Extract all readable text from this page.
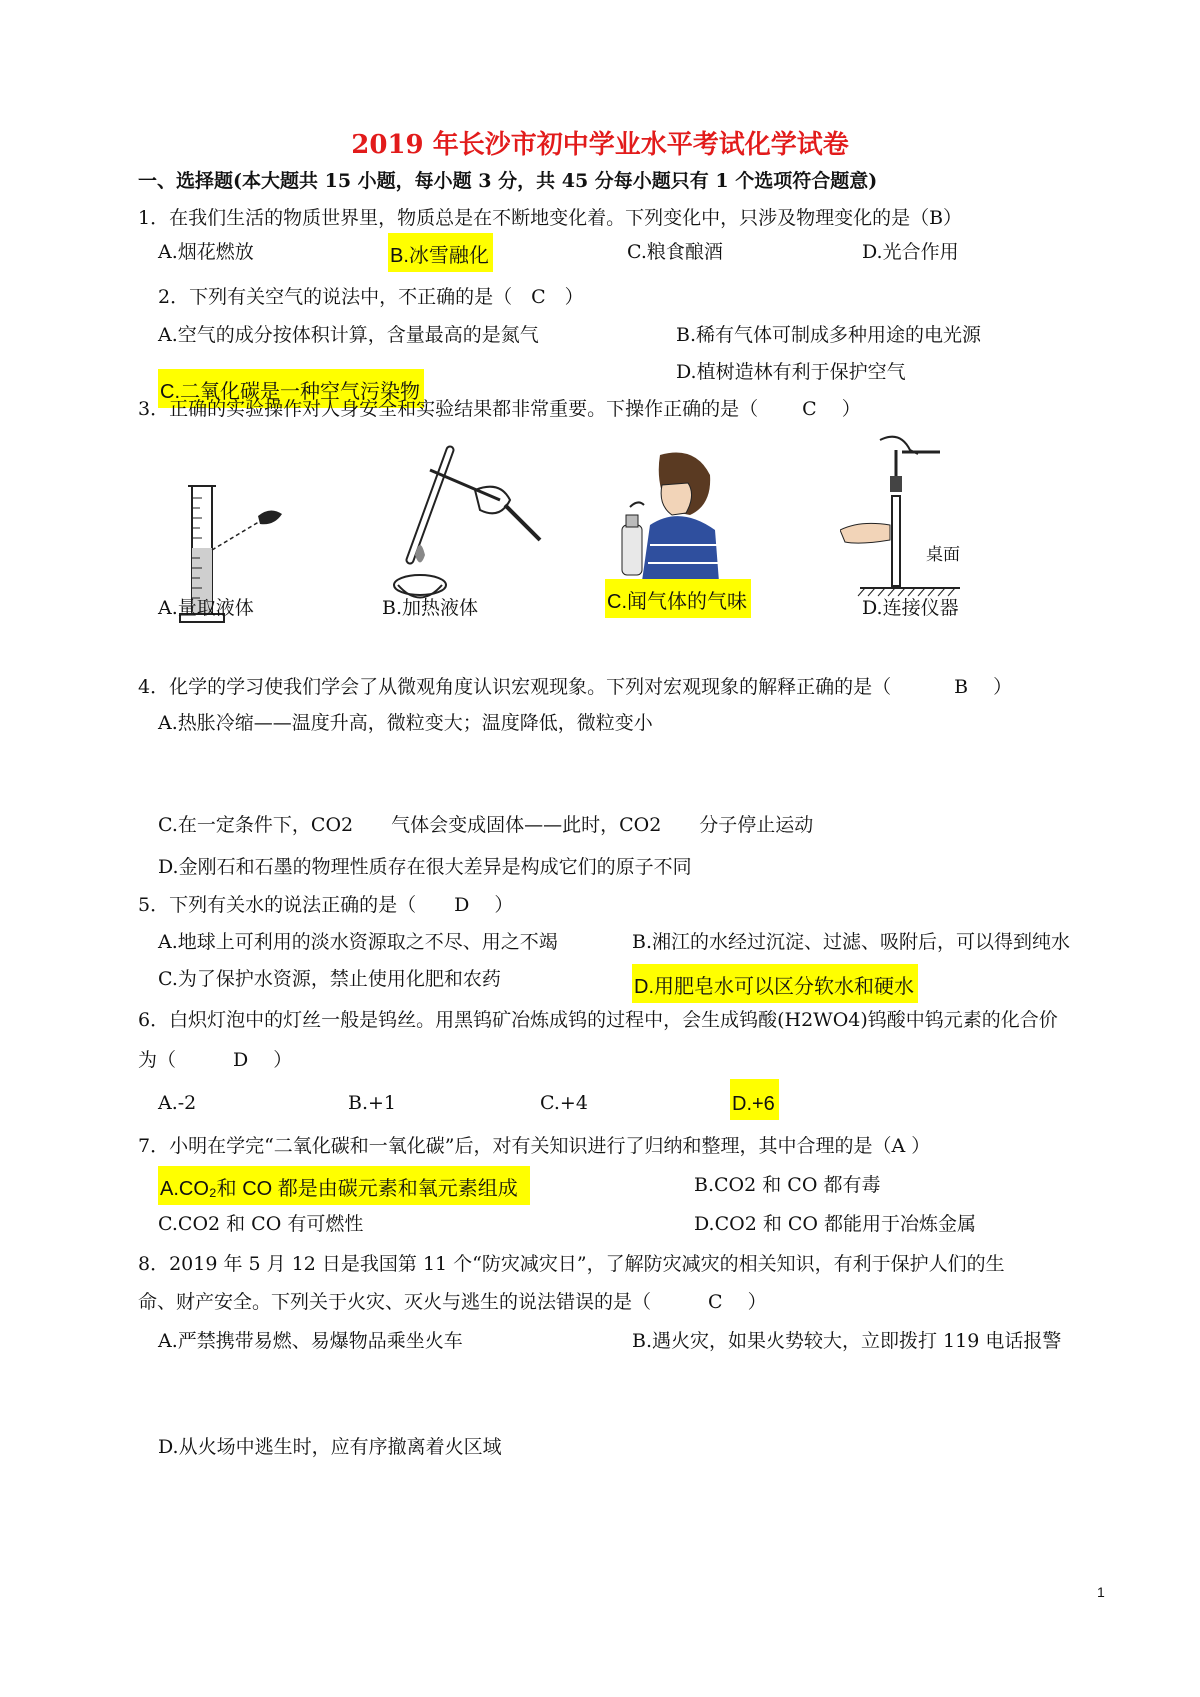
2019 年长沙市初中学业水平考试化学试卷
一、选择题(本大题共 15 小题，每小题 3 分，共 45 分每小题只有 1 个选项符合题意)
1．在我们生活的物质世界里，物质总是在不断地变化着。下列变化中，只涉及物理变化的是（B）
A.烟花燃放	B.冰雪融化	C.粮食酿酒	D.光合作用
2．下列有关空气的说法中，不正确的是（　C　）
A.空气的成分按体积计算，含量最高的是氮气	B.稀有气体可制成多种用途的电光源
C.二氧化碳是一种空气污染物
D.植树造林有利于保护空气
3．正确的实验操作对人身安全和实验结果都非常重要。下操作正确的是（　　 C　 ）
A.量取液体	B.加热液体	C.闻气体的气味
桌面
D.连接仪器
4．化学的学习使我们学会了从微观角度认识宏观现象。下列对宏观现象的解释正确的是（　　　 B　 ）
A.热胀冷缩——温度升高，微粒变大；温度降低，微粒变小
C.在一定条件下，CO2　　气体会变成固体——此时，CO2　　分子停止运动
D.金刚石和石墨的物理性质存在很大差异是构成它们的原子不同
5．下列有关水的说法正确的是（　　D　 ）
A.地球上可利用的淡水资源取之不尽、用之不竭	B.湘江的水经过沉淀、过滤、吸附后，可以得到纯水
C.为了保护水资源，禁止使用化肥和农药	D.用肥皂水可以区分软水和硬水
6．白炽灯泡中的灯丝一般是钨丝。用黑钨矿冶炼成钨的过程中，会生成钨酸(H2WO4)钨酸中钨元素的化合价
为（　　　D　 ）
A.-2	B.+1	C.+4	D.+6
7．小明在学完“二氧化碳和一氧化碳”后，对有关知识进行了归纳和整理，其中合理的是（A ）
A.CO₂和 CO 都是由碳元素和氧元素组成	B.CO2 和 CO 都有毒
C.CO2 和 CO 有可燃性	D.CO2 和 CO 都能用于冶炼金属
8．2019 年 5 月 12 日是我国第 11 个“防灾减灾日”，了解防灾减灾的相关知识，有利于保护人们的生
命、财产安全。下列关于火灾、灭火与逃生的说法错误的是（　　　C　 ）
A.严禁携带易燃、易爆物品乘坐火车	B.遇火灾，如果火势较大，立即拨打 119 电话报警
D.从火场中逃生时，应有序撤离着火区域
1
